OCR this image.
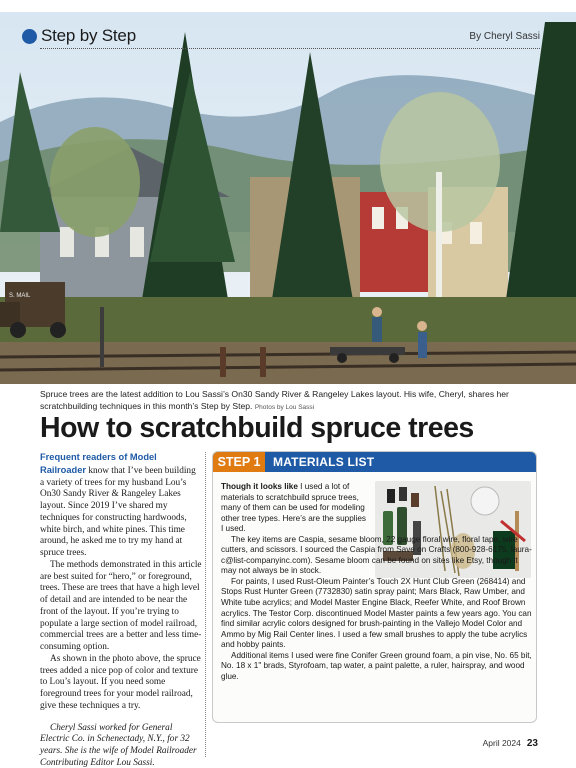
S. MAIL
Step by Step	By Cheryl Sassi
Spruce trees are the latest addition to Lou Sassi’s On30 Sandy River & Rangeley Lakes layout. His wife, Cheryl, shares her scratchbuilding techniques in this month’s Step by Step. Photos by Lou Sassi
How to scratchbuild spruce trees

Frequent readers of Model Railroader know that I’ve been building a variety of trees for my husband Lou’s On30 Sandy River & Rangeley Lakes layout. Since 2019 I’ve shared my techniques for constructing hardwoods, white birch, and white pines. This time around, he asked me to try my hand at spruce trees.

The methods demonstrated in this article are best suited for “hero,” or foreground, trees. These are trees that have a high level of detail and are intended to be near the front of the layout. If you’re trying to populate a large section of model railroad, commercial trees are a better and less time-consuming option.

As shown in the photo above, the spruce trees added a nice pop of color and texture to Lou’s layout. If you need some foreground trees for your model railroad, give these techniques a try.

Cheryl Sassi worked for General Electric Co. in Schenectady, N.Y., for 32 years. She is the wife of Model Railroader Contributing Editor Lou Sassi.

STEP 1	MATERIALS LIST

Though it looks like I used a lot of materials to scratchbuild spruce trees, many of them can be used for modeling other tree types. Here’s are the supplies I used.

The key items are Caspia, sesame bloom, 22 gauge floral wire, floral tape, wire cutters, and scissors. I sourced the Caspia from Save on Crafts (800-928-6175, laura-c@list-companyinc.com). Sesame bloom can be found on sites like Etsy, though it may not always be in stock.

For paints, I used Rust-Oleum Painter’s Touch 2X Hunt Club Green (268414) and Stops Rust Hunter Green (7732830) satin spray paint; Mars Black, Raw Umber, and White tube acrylics; and Model Master Engine Black, Reefer White, and Roof Brown acrylics. The Testor Corp. discontinued Model Master paints a few years ago. You can find similar acrylic colors designed for brush-painting in the Vallejo Model Color and Ammo by Mig Rail Center lines. I used a few small brushes to apply the tube acrylics and hobby paints.

Additional items I used were fine Conifer Green ground foam, a pin vise, No. 65 bit, No. 18 x 1" brads, Styrofoam, tap water, a paint palette, a ruler, hairspray, and wood glue.

April 2024 23
